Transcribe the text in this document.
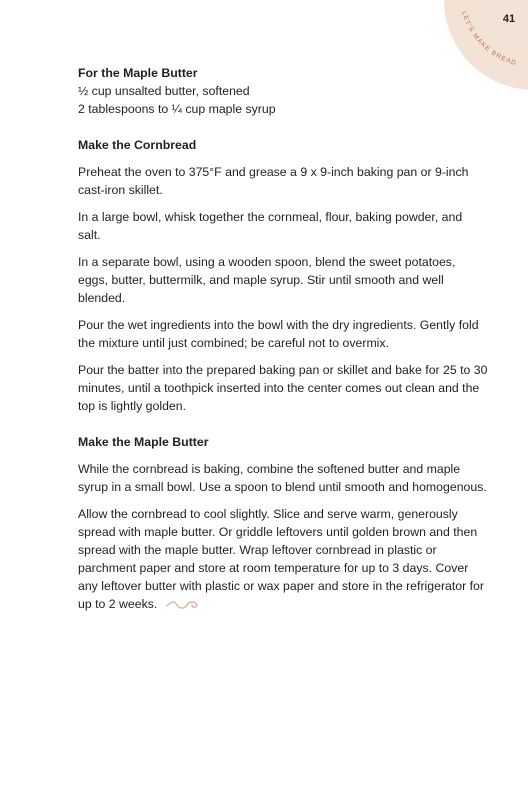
41
LET'S MAKE BREAD
For the Maple Butter

½ cup unsalted butter, softened

2 tablespoons to ¼ cup maple syrup

Make the Cornbread

Preheat the oven to 375°F and grease a 9 x 9-inch baking pan or 9-inch cast-iron skillet.

In a large bowl, whisk together the cornmeal, flour, baking powder, and salt.

In a separate bowl, using a wooden spoon, blend the sweet potatoes, eggs, butter, buttermilk, and maple syrup. Stir until smooth and well blended.

Pour the wet ingredients into the bowl with the dry ingredients. Gently fold the mixture until just combined; be careful not to overmix.

Pour the batter into the prepared baking pan or skillet and bake for 25 to 30 minutes, until a toothpick inserted into the center comes out clean and the top is lightly golden.

Make the Maple Butter

While the cornbread is baking, combine the softened butter and maple syrup in a small bowl. Use a spoon to blend until smooth and homogenous.

Allow the cornbread to cool slightly. Slice and serve warm, generously spread with maple butter. Or griddle leftovers until golden brown and then spread with the maple butter. Wrap leftover cornbread in plastic or parchment paper and store at room temperature for up to 3 days. Cover any leftover butter with plastic or wax paper and store in the refrigerator for up to 2 weeks.
